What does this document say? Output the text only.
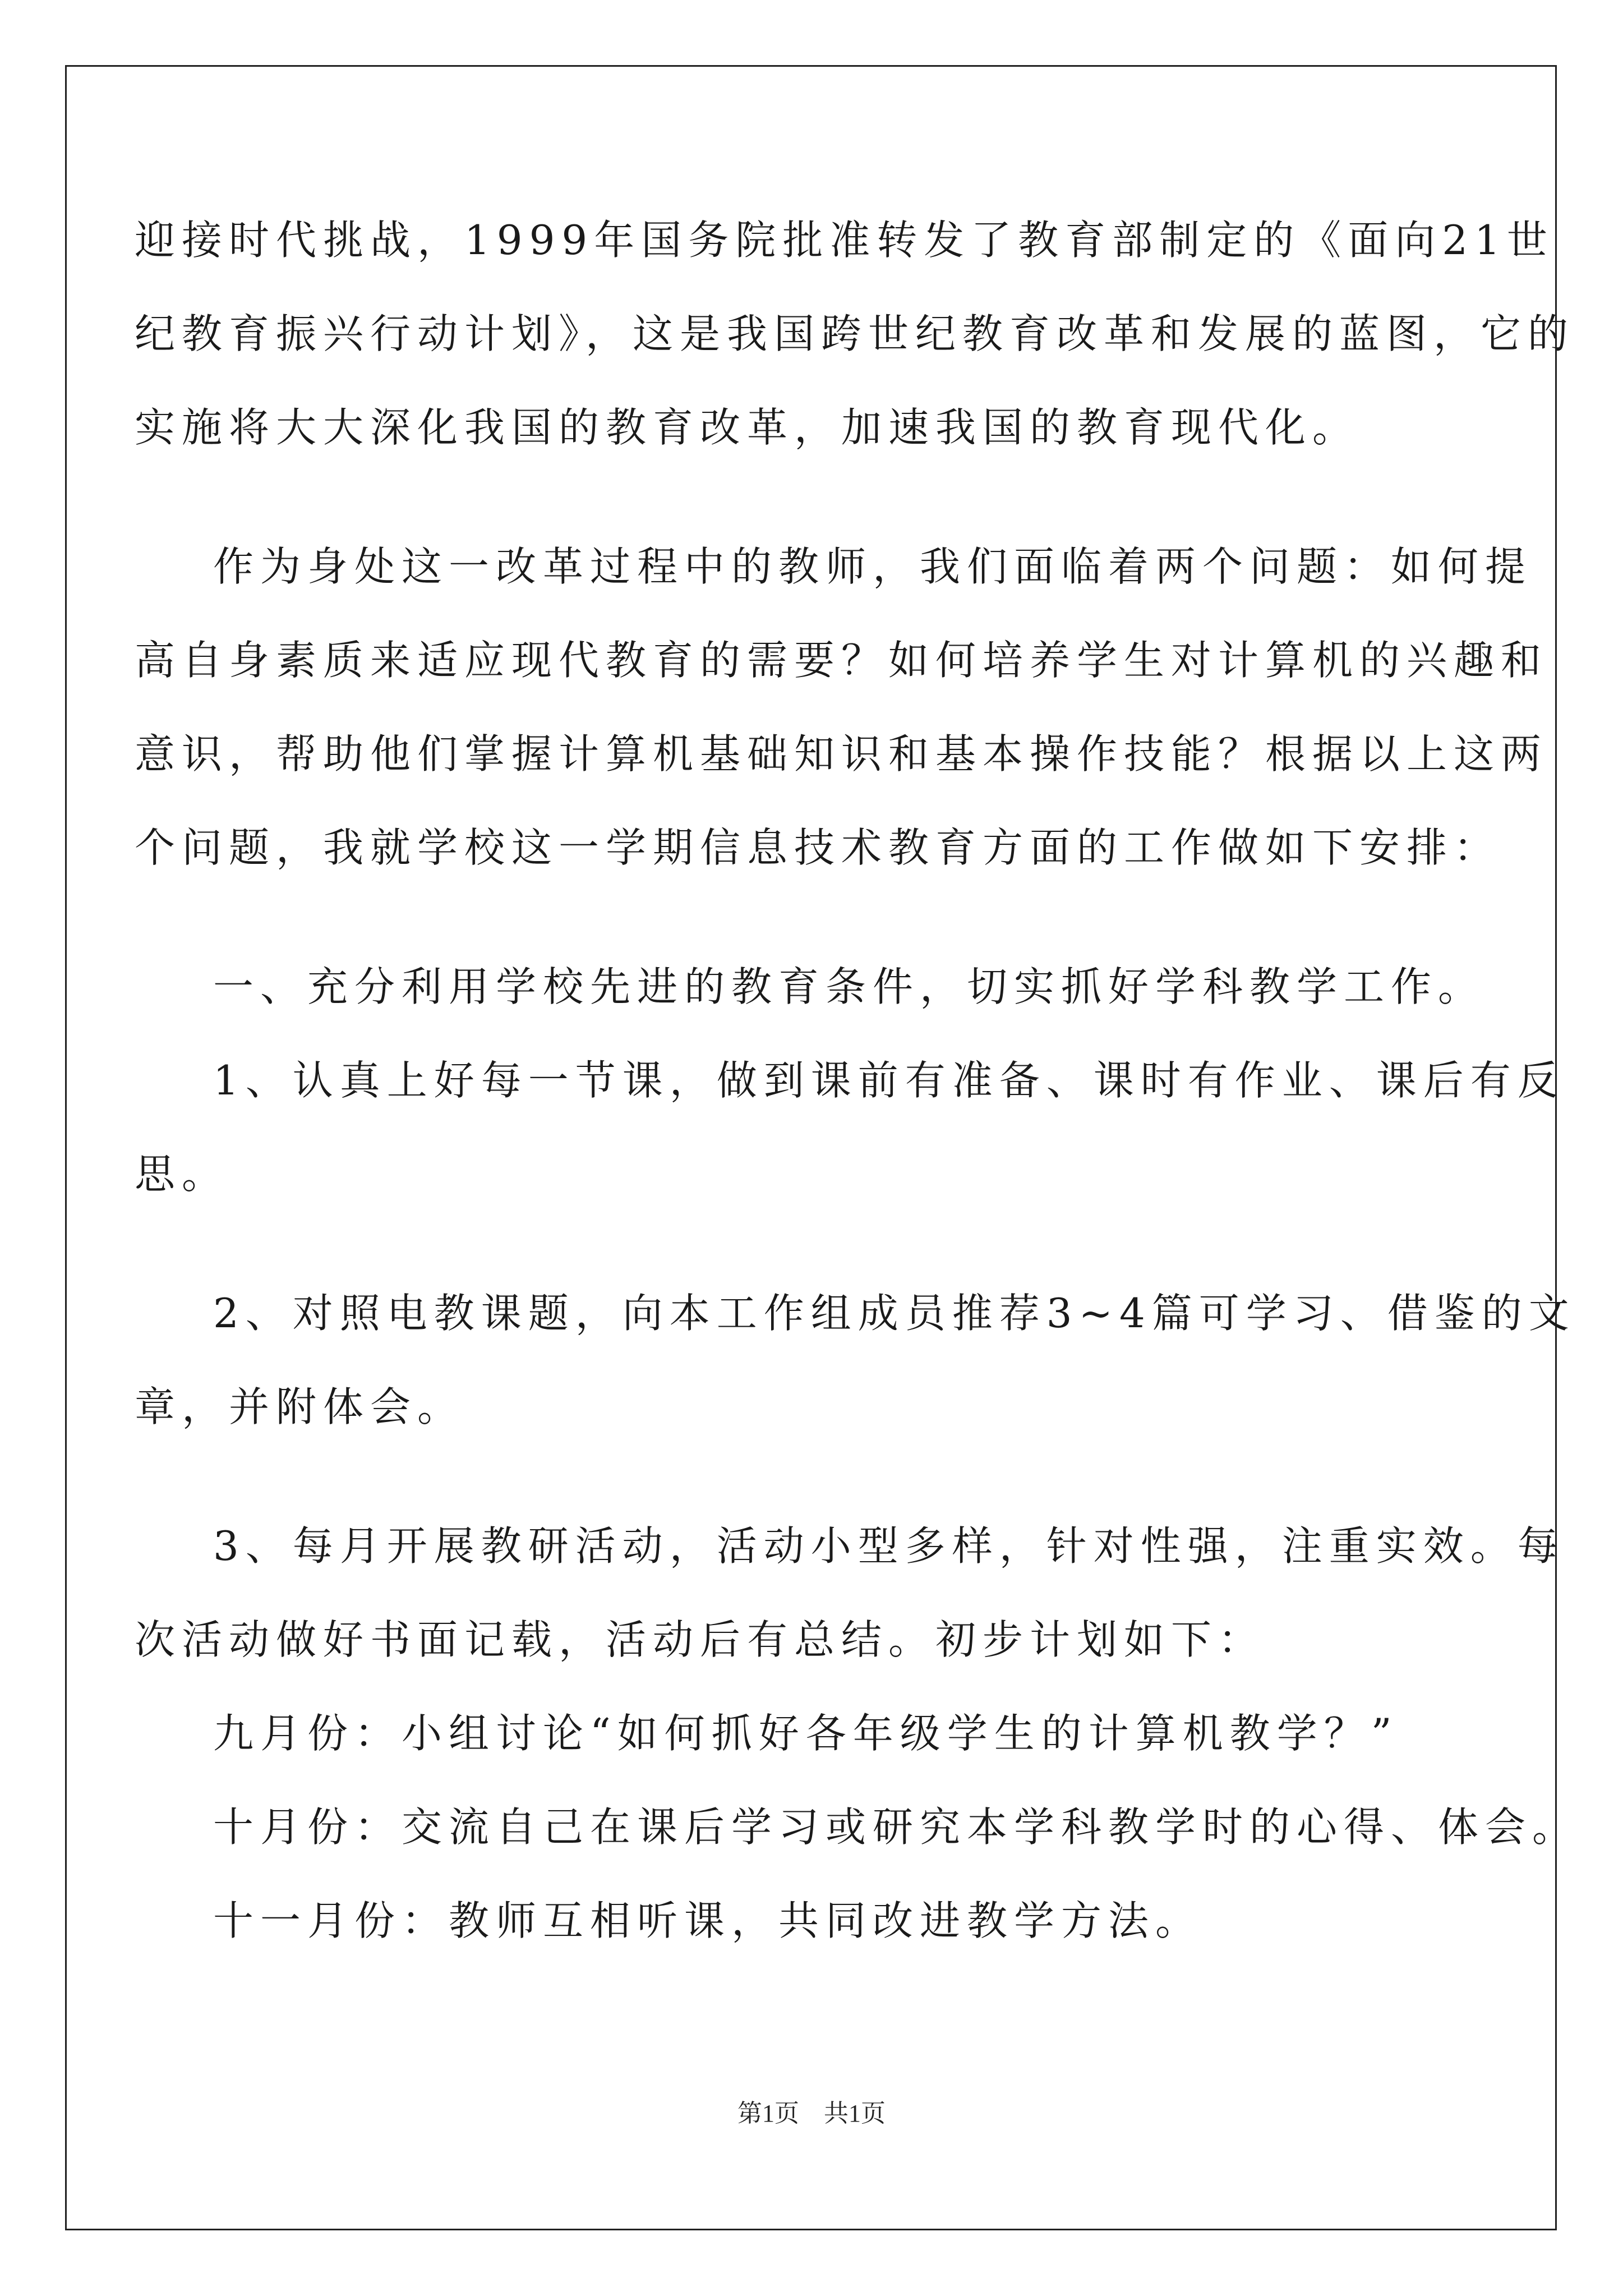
迎接时代挑战，1999年国务院批准转发了教育部制定的《面向21世
纪教育振兴行动计划》，这是我国跨世纪教育改革和发展的蓝图，它的
实施将大大深化我国的教育改革，加速我国的教育现代化。
作为身处这一改革过程中的教师，我们面临着两个问题：如何提
高自身素质来适应现代教育的需要？如何培养学生对计算机的兴趣和
意识，帮助他们掌握计算机基础知识和基本操作技能？根据以上这两
个问题，我就学校这一学期信息技术教育方面的工作做如下安排：
一、充分利用学校先进的教育条件，切实抓好学科教学工作。
1、认真上好每一节课，做到课前有准备、课时有作业、课后有反
思。
2、对照电教课题，向本工作组成员推荐3~4篇可学习、借鉴的文
章，并附体会。
3、每月开展教研活动，活动小型多样，针对性强，注重实效。每
次活动做好书面记载，活动后有总结。初步计划如下：
九月份：小组讨论“如何抓好各年级学生的计算机教学？”
十月份：交流自己在课后学习或研究本学科教学时的心得、体会。
十一月份：教师互相听课，共同改进教学方法。
第1页　共1页
